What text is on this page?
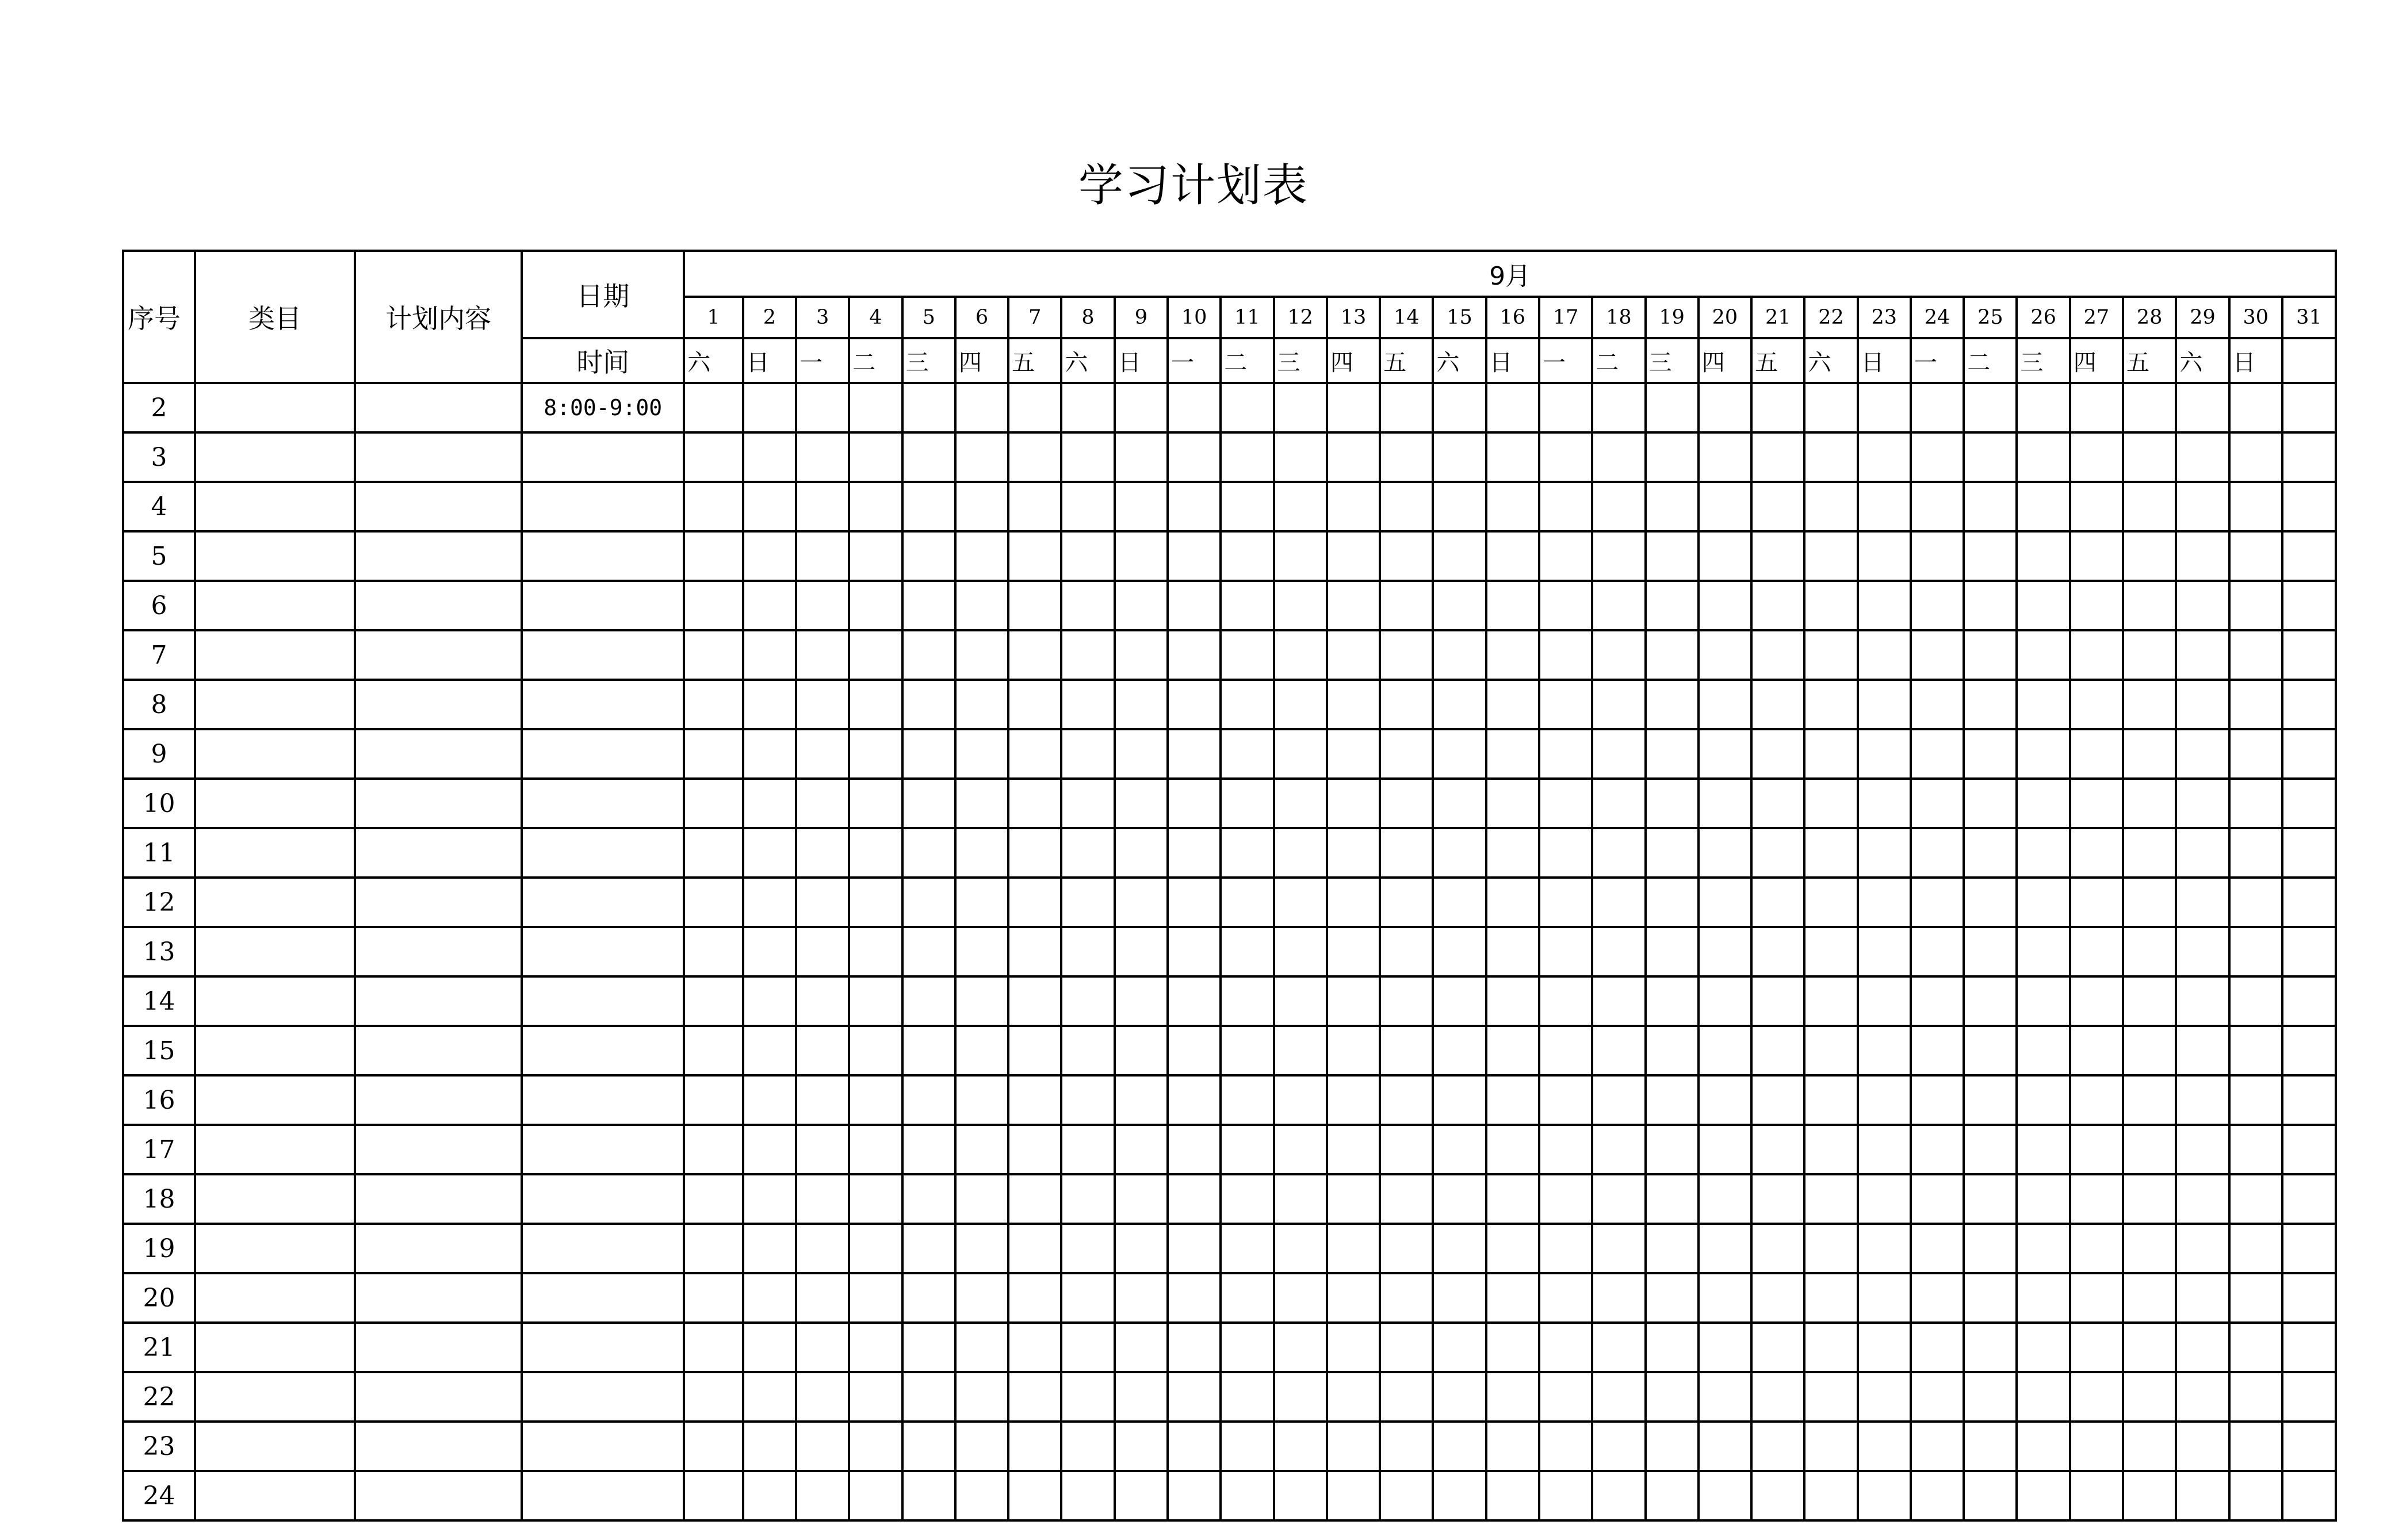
学习计划表
序号	类目	计划内容	日期	9月																														
				1	2	3	4	5	6	7	8	9	10	11	12	13	14	15	16	17	18	19	20	21	22	23	24	25	26	27	28	29	30	31
			时间	六	日	一	二	三	四	五	六	日	一	二	三	四	五	六	日	一	二	三	四	五	六	日	一	二	三	四	五	六	日	
2			8:00-9:00																															
3																																		
4																																		
5																																		
6																																		
7																																		
8																																		
9																																		
10																																		
11																																		
12																																		
13																																		
14																																		
15																																		
16																																		
17																																		
18																																		
19																																		
20																																		
21																																		
22																																		
23																																		
24																																		
